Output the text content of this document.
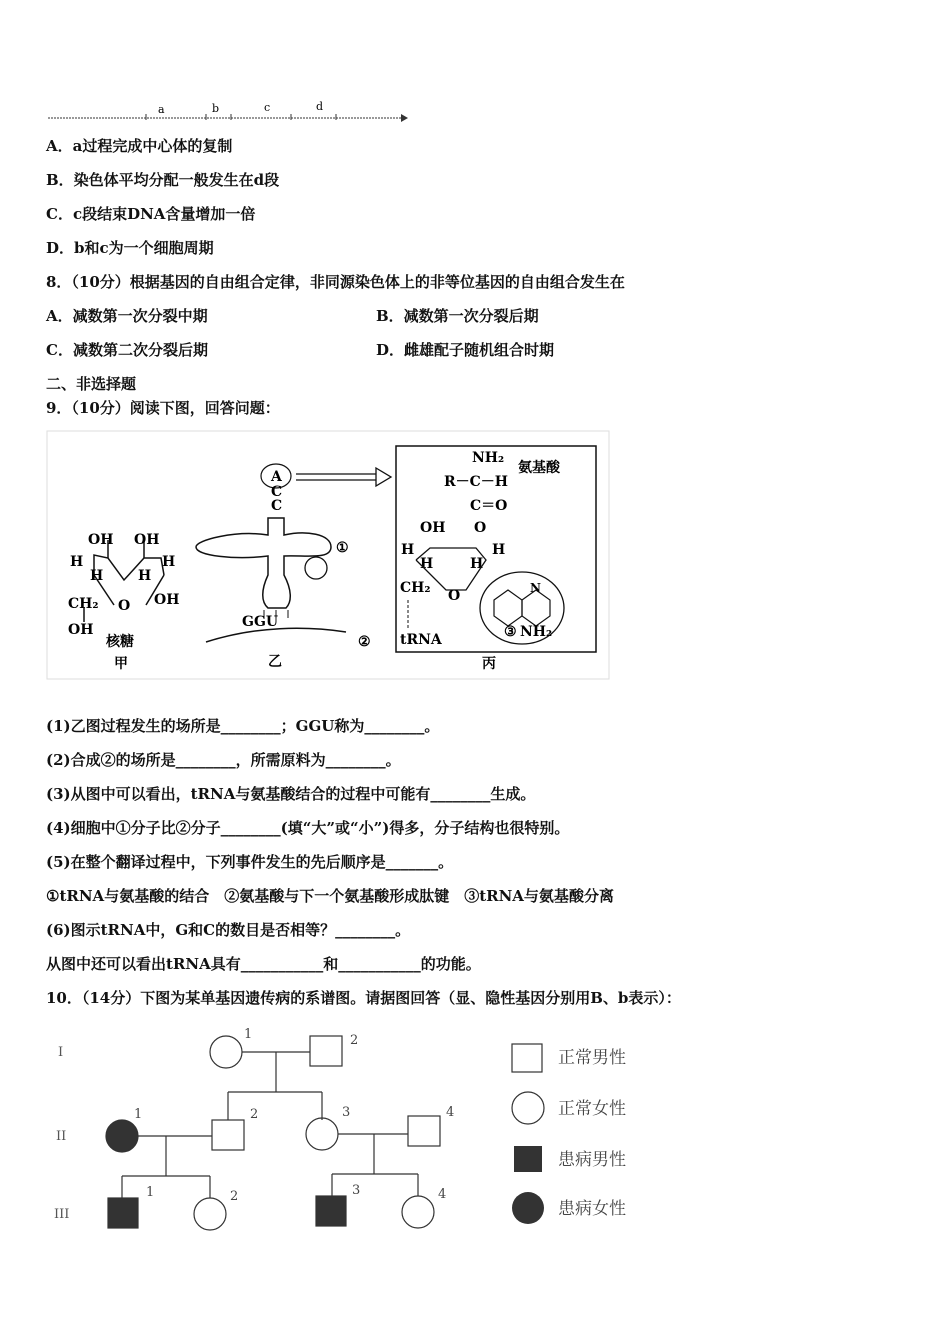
a	b	c	d
A．a过程完成中心体的复制
B．染色体平均分配一般发生在d段
C．c段结束DNA含量增加一倍
D．b和c为一个细胞周期
8．（10分）根据基因的自由组合定律，非同源染色体上的非等位基因的自由组合发生在
A．减数第一次分裂中期	B．减数第一次分裂后期
C．减数第二次分裂后期	D．雌雄配子随机组合时期
二、非选择题
9．（10分）阅读下图，回答问题：
OH OH
H
H H
H
CH₂ O OH
OH
核糖
甲
A
C
C
GGU
①
②
乙
NH₂
氨基酸
R－C－H
C＝O
O
OH
H
H	H
H
CH₂ O
tRNA
N
③ NH₂
丙
(1)乙图过程发生的场所是________；GGU称为________。
(2)合成②的场所是________，所需原料为________。
(3)从图中可以看出，tRNA与氨基酸结合的过程中可能有________生成。
(4)细胞中①分子比②分子________(填“大”或“小”)得多，分子结构也很特别。
(5)在整个翻译过程中，下列事件发生的先后顺序是_______。
①tRNA与氨基酸的结合　②氨基酸与下一个氨基酸形成肽键　③tRNA与氨基酸分离
(6)图示tRNA中，G和C的数目是否相等？________。
从图中还可以看出tRNA具有___________和___________的功能。
10．（14分）下图为某单基因遗传病的系谱图。请据图回答（显、隐性基因分别用B、b表示）：
I
II
III
1	2
1	2	3	4
1	2	3	4
正常男性
正常女性
患病男性
患病女性
